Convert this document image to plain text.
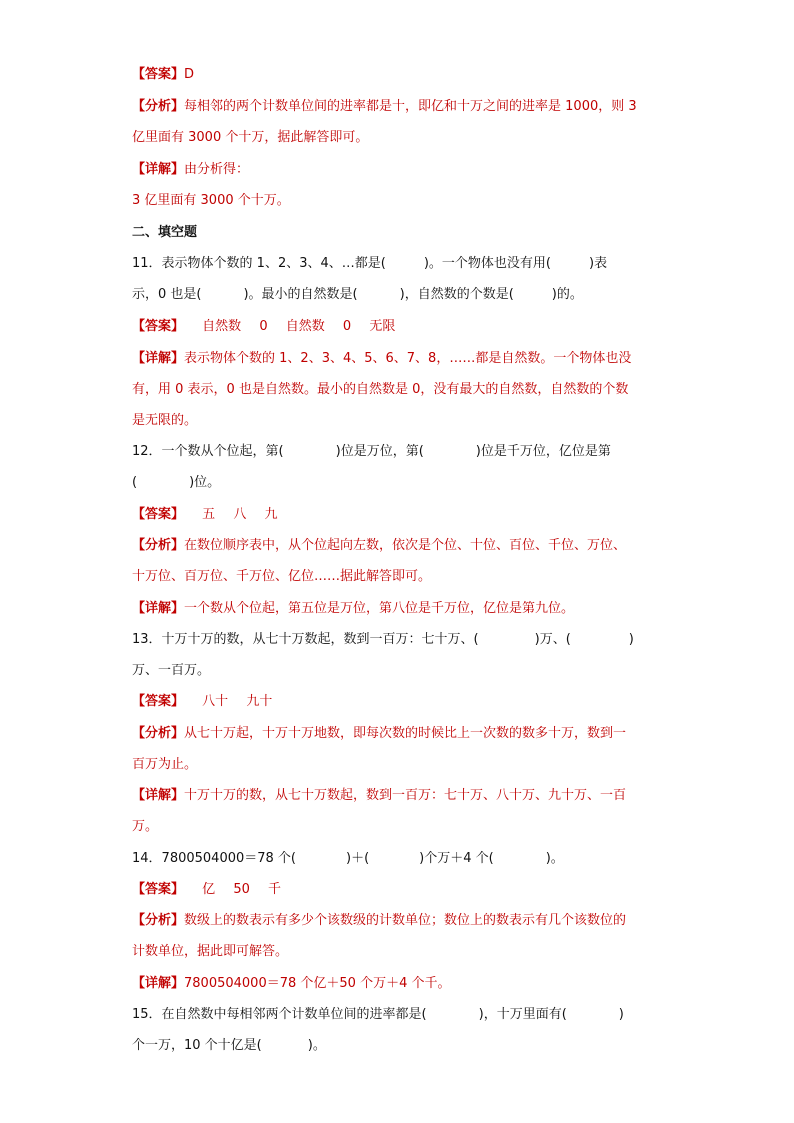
【答案】D
【分析】每相邻的两个计数单位间的进率都是十，即亿和十万之间的进率是 1000，则 3
亿里面有 3000 个十万，据此解答即可。
【详解】由分析得：
3 亿里面有 3000 个十万。
二、填空题
11．表示物体个数的 1、2、3、4、…都是(	)。一个物体也没有用(	)表
示，0 也是(	)。最小的自然数是(	)，自然数的个数是(	)的。
【答案】 自然数 0 自然数 0 无限
【详解】表示物体个数的 1、2、3、4、5、6、7、8，……都是自然数。一个物体也没
有，用 0 表示，0 也是自然数。最小的自然数是 0，没有最大的自然数，自然数的个数
是无限的。
12．一个数从个位起，第(	)位是万位，第(	)位是千万位，亿位是第
(	)位。
【答案】 五 八 九
【分析】在数位顺序表中，从个位起向左数，依次是个位、十位、百位、千位、万位、
十万位、百万位、千万位、亿位……据此解答即可。
【详解】一个数从个位起，第五位是万位，第八位是千万位，亿位是第九位。
13．十万十万的数，从七十万数起，数到一百万：七十万、(	)万、(	)
万、一百万。
【答案】 八十 九十
【分析】从七十万起，十万十万地数，即每次数的时候比上一次数的数多十万，数到一
百万为止。
【详解】十万十万的数，从七十万数起，数到一百万：七十万、八十万、九十万、一百
万。
14．7800504000＝78 个(	)＋(	)个万＋4 个(	)。
【答案】 亿 50 千
【分析】数级上的数表示有多少个该数级的计数单位；数位上的数表示有几个该数位的
计数单位，据此即可解答。
【详解】7800504000＝78 个亿＋50 个万＋4 个千。
15．在自然数中每相邻两个计数单位间的进率都是(	)，十万里面有(	)
个一万，10 个十亿是(	)。
